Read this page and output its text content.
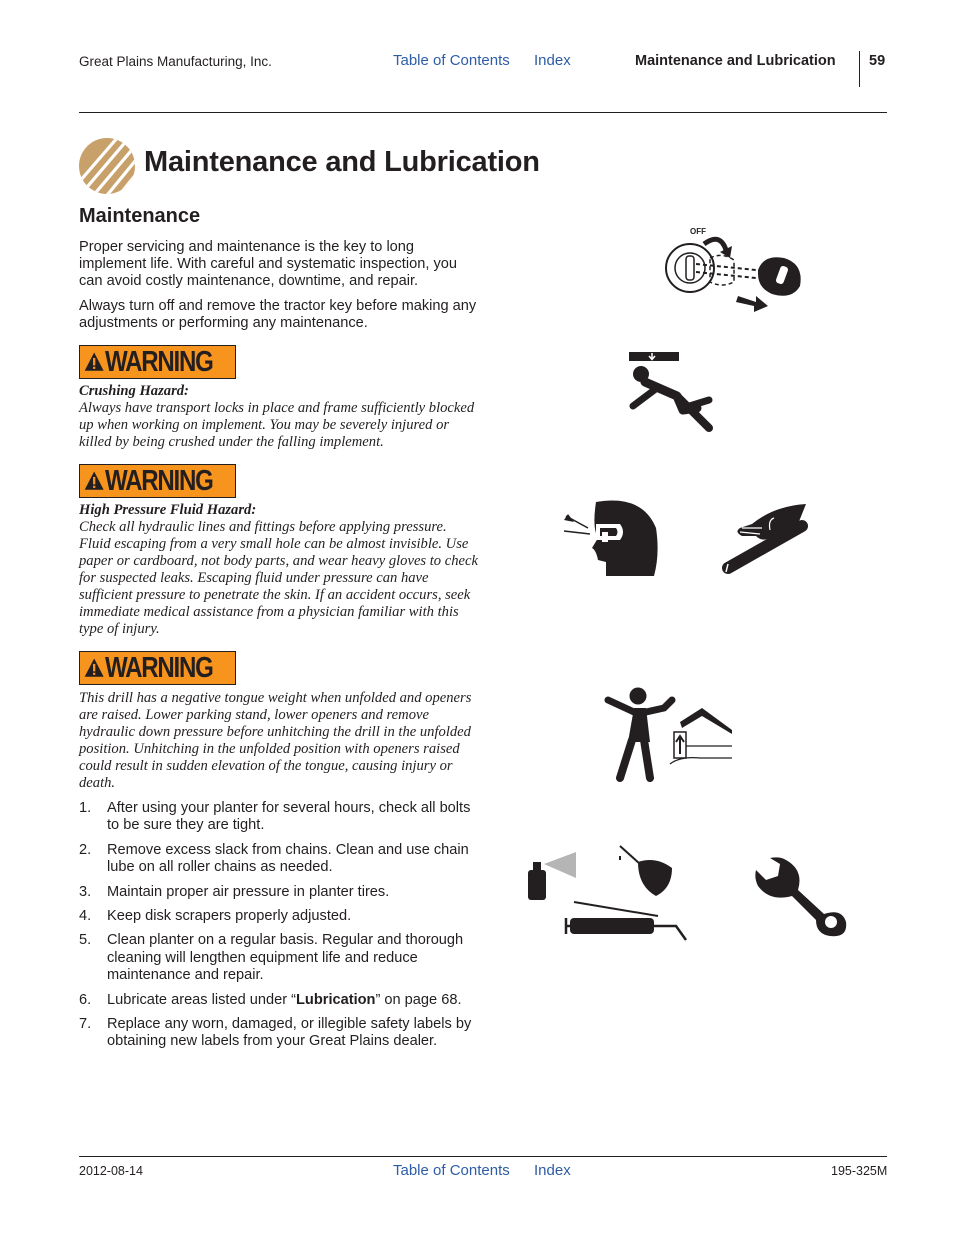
Great Plains Manufacturing, Inc.	Table of Contents Index	Maintenance and Lubrication 59
Maintenance and Lubrication
Maintenance
Proper servicing and maintenance is the key to long implement life. With careful and systematic inspection, you can avoid costly maintenance, downtime, and repair.
Always turn off and remove the tractor key before making any adjustments or performing any maintenance.
WARNING
Crushing Hazard:
Always have transport locks in place and frame sufficiently blocked up when working on implement. You may be severely injured or killed by being crushed under the falling implement.
WARNING
High Pressure Fluid Hazard:
Check all hydraulic lines and fittings before applying pressure. Fluid escaping from a very small hole can be almost invisible. Use paper or cardboard, not body parts, and wear heavy gloves to check for suspected leaks. Escaping fluid under pressure can have sufficient pressure to penetrate the skin. If an accident occurs, seek immediate medical assistance from a physician familiar with this type of injury.
WARNING
This drill has a negative tongue weight when unfolded and openers are raised. Lower parking stand, lower openers and remove hydraulic down pressure before unhitching the drill in the unfolded position. Unhitching in the unfolded position with openers raised could result in sudden elevation of the tongue, causing injury or death.
1. After using your planter for several hours, check all bolts to be sure they are tight.
2. Remove excess slack from chains. Clean and use chain lube on all roller chains as needed.
3. Maintain proper air pressure in planter tires.
4. Keep disk scrapers properly adjusted.
5. Clean planter on a regular basis. Regular and thorough cleaning will lengthen equipment life and reduce maintenance and repair.
6. Lubricate areas listed under “Lubrication” on page 68.
7. Replace any worn, damaged, or illegible safety labels by obtaining new labels from your Great Plains dealer.
OFF
2012-08-14	Table of Contents Index	195-325M
